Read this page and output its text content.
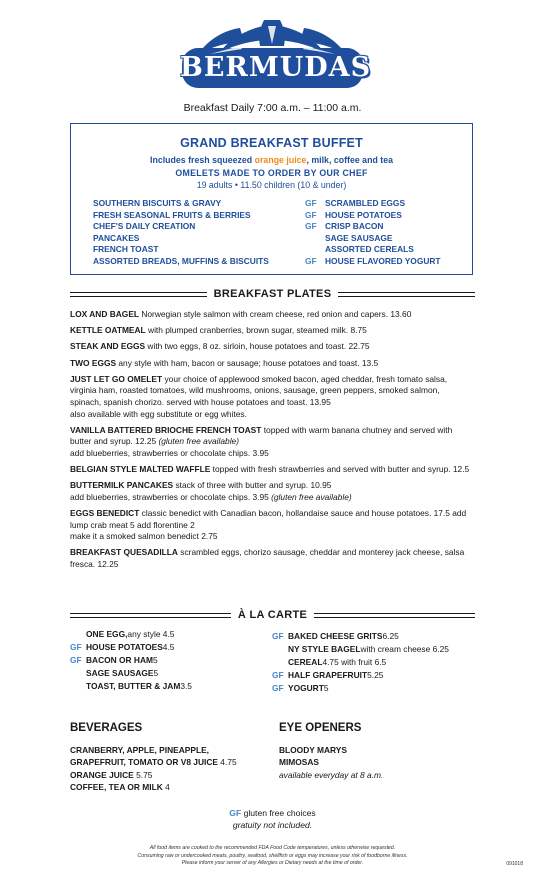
BERMUDAS
Breakfast Daily 7:00 a.m. – 11:00 a.m.
GRAND BREAKFAST BUFFET
Includes fresh squeezed orange juice, milk, coffee and tea
OMELETS MADE TO ORDER BY OUR CHEF
19 adults • 11.50 children (10 & under)
SOUTHERN BISCUITS & GRAVY
FRESH SEASONAL FRUITS & BERRIES
CHEF'S DAILY CREATION
PANCAKES
FRENCH TOAST
ASSORTED BREADS, MUFFINS & BISCUITS
GF SCRAMBLED EGGS
GF HOUSE POTATOES
GF CRISP BACON
SAGE SAUSAGE
ASSORTED CEREALS
GF HOUSE FLAVORED YOGURT
BREAKFAST PLATES
LOX AND BAGEL Norwegian style salmon with cream cheese, red onion and capers. 13.60
KETTLE OATMEAL with plumped cranberries, brown sugar, steamed milk. 8.75
STEAK AND EGGS with two eggs, 8 oz. sirloin, house potatoes and toast. 22.75
TWO EGGS any style with ham, bacon or sausage; house potatoes and toast. 13.5
JUST LET GO OMELET your choice of applewood smoked bacon, aged cheddar, fresh tomato salsa, virginia ham, roasted tomatoes, wild mushrooms, onions, sausage, green peppers, smoked salmon, spinach, spanish chorizo. served with house potatoes and toast. 13.95
also available with egg substitute or egg whites.
VANILLA BATTERED BRIOCHE FRENCH TOAST topped with warm banana chutney and served with butter and syrup. 12.25 (gluten free available)
add blueberries, strawberries or chocolate chips. 3.95
BELGIAN STYLE MALTED WAFFLE topped with fresh strawberries and served with butter and syrup. 12.5
BUTTERMILK PANCAKES stack of three with butter and syrup. 10.95
add blueberries, strawberries or chocolate chips. 3.95 (gluten free available)
EGGS BENEDICT classic benedict with Canadian bacon, hollandaise sauce and house potatoes. 17.5 add lump crab meat 5 add florentine 2
make it a smoked salmon benedict 2.75
BREAKFAST QUESADILLA scrambled eggs, chorizo sausage, cheddar and monterey jack cheese, salsa fresca. 12.25
À LA CARTE
ONE EGG, any style 4.5
GF HOUSE POTATOES 4.5
GF BACON OR HAM 5
SAGE SAUSAGE 5
TOAST, BUTTER & JAM 3.5
GF BAKED CHEESE GRITS 6.25
NY STYLE BAGEL with cream cheese 6.25
CEREAL 4.75 with fruit 6.5
GF HALF GRAPEFRUIT 5.25
GF YOGURT 5
BEVERAGES
CRANBERRY, APPLE, PINEAPPLE,
GRAPEFRUIT, TOMATO OR V8 JUICE 4.75
ORANGE JUICE 5.75
COFFEE, TEA OR MILK 4
EYE OPENERS
BLOODY MARYS
MIMOSAS
available everyday at 8 a.m.
GF gluten free choices
gratuity not included.
All food items are cooked to the recommended FDA Food Code temperatures, unless otherwise requested.
Consuming raw or undercooked meats, poultry, seafood, shellfish or eggs may increase your risk of foodborne illness.
Please inform your server of any Allergies or Dietary needs at the time of order.	091018
